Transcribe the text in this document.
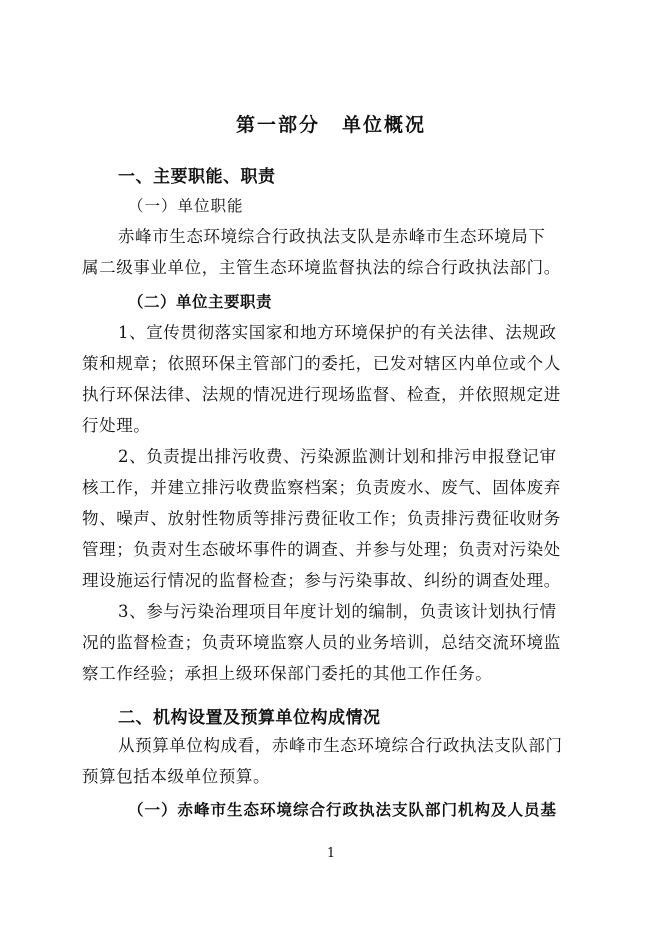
第一部分 单位概况
一、主要职能、职责
（一）单位职能
赤峰市生态环境综合行政执法支队是赤峰市生态环境局下
属二级事业单位，主管生态环境监督执法的综合行政执法部门。
（二）单位主要职责
1、宣传贯彻落实国家和地方环境保护的有关法律、法规政
策和规章；依照环保主管部门的委托，已发对辖区内单位或个人
执行环保法律、法规的情况进行现场监督、检查，并依照规定进
行处理。
2、负责提出排污收费、污染源监测计划和排污申报登记审
核工作，并建立排污收费监察档案；负责废水、废气、固体废弃
物、噪声、放射性物质等排污费征收工作；负责排污费征收财务
管理；负责对生态破坏事件的调查、并参与处理；负责对污染处
理设施运行情况的监督检查；参与污染事故、纠纷的调查处理。
3、参与污染治理项目年度计划的编制，负责该计划执行情
况的监督检查；负责环境监察人员的业务培训，总结交流环境监
察工作经验；承担上级环保部门委托的其他工作任务。
二、机构设置及预算单位构成情况
从预算单位构成看，赤峰市生态环境综合行政执法支队部门
预算包括本级单位预算。
（一）赤峰市生态环境综合行政执法支队部门机构及人员基
1
